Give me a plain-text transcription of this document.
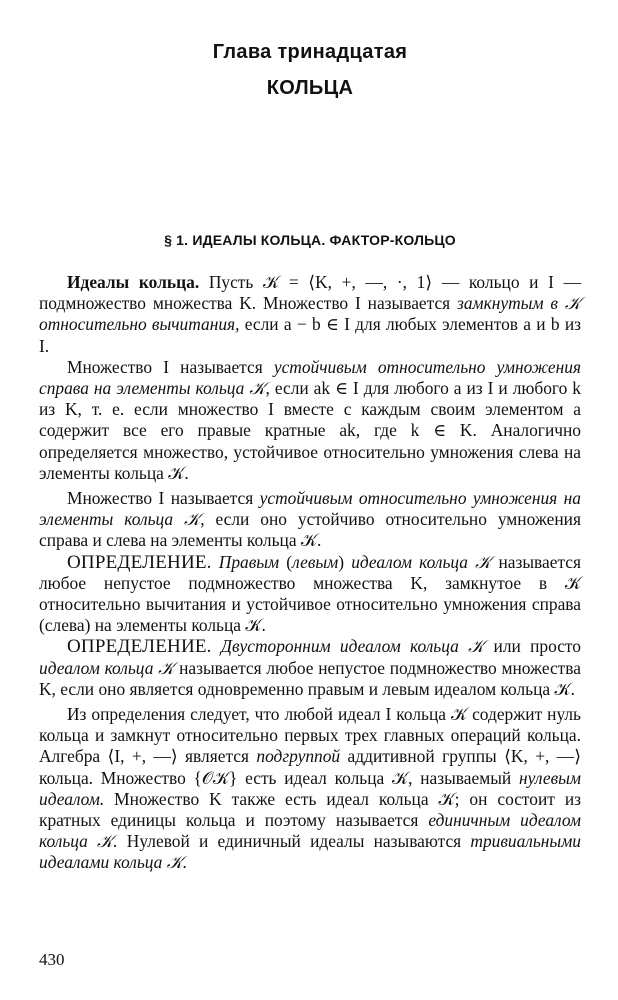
Глава тринадцатая
КОЛЬЦА
§ 1. ИДЕАЛЫ КОЛЬЦА. ФАКТОР-КОЛЬЦО

Идеалы кольца. Пусть 𝒦 = ⟨K, +, —, ·, 1⟩ — кольцо и I — подмножество множества K. Множество I называется замкнутым в 𝒦 относительно вычитания, если a − b ∈ I для любых элементов a и b из I.

Множество I называется устойчивым относительно умножения справа на элементы кольца 𝒦, если ak ∈ I для любого a из I и любого k из K, т. е. если множество I вместе с каждым своим элементом a содержит все его правые кратные ak, где k ∈ K. Аналогично определяется множество, устойчивое относительно умножения слева на элементы кольца 𝒦.

Множество I называется устойчивым относительно умножения на элементы кольца 𝒦, если оно устойчиво относительно умножения справа и слева на элементы кольца 𝒦.

ОПРЕДЕЛЕНИЕ. Правым (левым) идеалом кольца 𝒦 называется любое непустое подмножество множества K, замкнутое в 𝒦 относительно вычитания и устойчивое относительно умножения справа (слева) на элементы кольца 𝒦.

ОПРЕДЕЛЕНИЕ. Двусторонним идеалом кольца 𝒦 или просто идеалом кольца 𝒦 называется любое непустое подмножество множества K, если оно является одновременно правым и левым идеалом кольца 𝒦.

Из определения следует, что любой идеал I кольца 𝒦 содержит нуль кольца и замкнут относительно первых трех главных операций кольца. Алгебра ⟨I, +, —⟩ является подгруппой аддитивной группы ⟨K, +, —⟩ кольца. Множество {𝒪𝒦} есть идеал кольца 𝒦, называемый нулевым идеалом. Множество K также есть идеал кольца 𝒦; он состоит из кратных единицы кольца и поэтому называется единичным идеалом кольца 𝒦. Нулевой и единичный идеалы называются тривиальными идеалами кольца 𝒦.

430
